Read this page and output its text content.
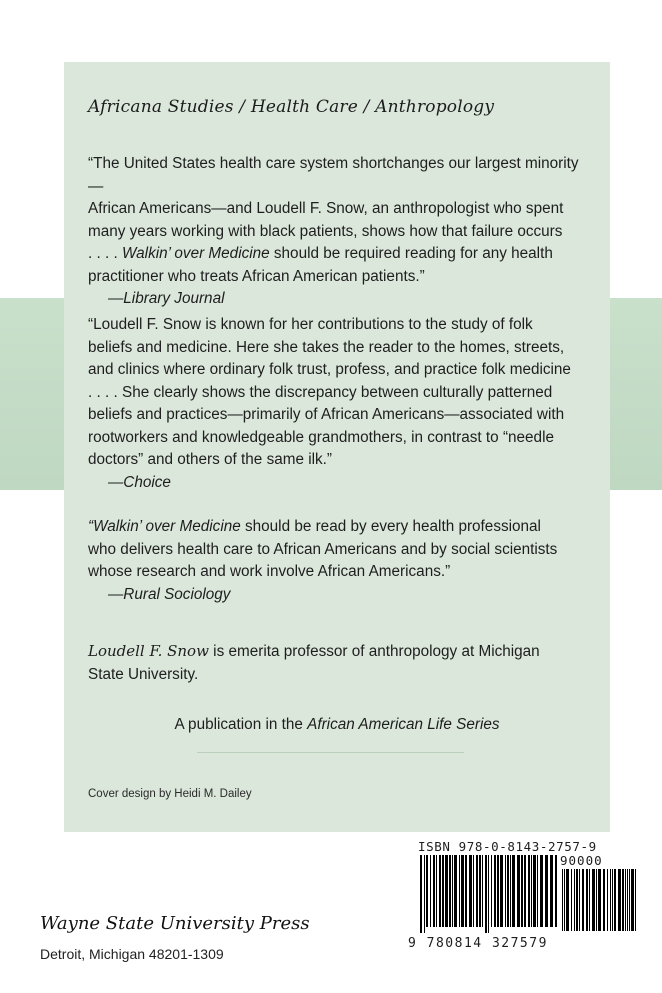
Africana Studies / Health Care / Anthropology

“The United States health care system shortchanges our largest minority—
African Americans—and Loudell F. Snow, an anthropologist who spent
many years working with black patients, shows how that failure occurs
. . . . Walkin’ over Medicine should be required reading for any health
practitioner who treats African American patients.”
—Library Journal
“Loudell F. Snow is known for her contributions to the study of folk
beliefs and medicine. Here she takes the reader to the homes, streets,
and clinics where ordinary folk trust, profess, and practice folk medicine
. . . . She clearly shows the discrepancy between culturally patterned
beliefs and practices—primarily of African Americans—associated with
rootworkers and knowledgeable grandmothers, in contrast to “needle
doctors” and others of the same ilk.”
—Choice
“Walkin’ over Medicine should be read by every health professional
who delivers health care to African Americans and by social scientists
whose research and work involve African Americans.”
—Rural Sociology
Loudell F. Snow is emerita professor of anthropology at Michigan
State University.

A publication in the African American Life Series

Cover design by Heidi M. Dailey

ISBN 978-0-8143-2757-9

90000

9 780814 327579

Wayne State University Press

Detroit, Michigan 48201-1309
